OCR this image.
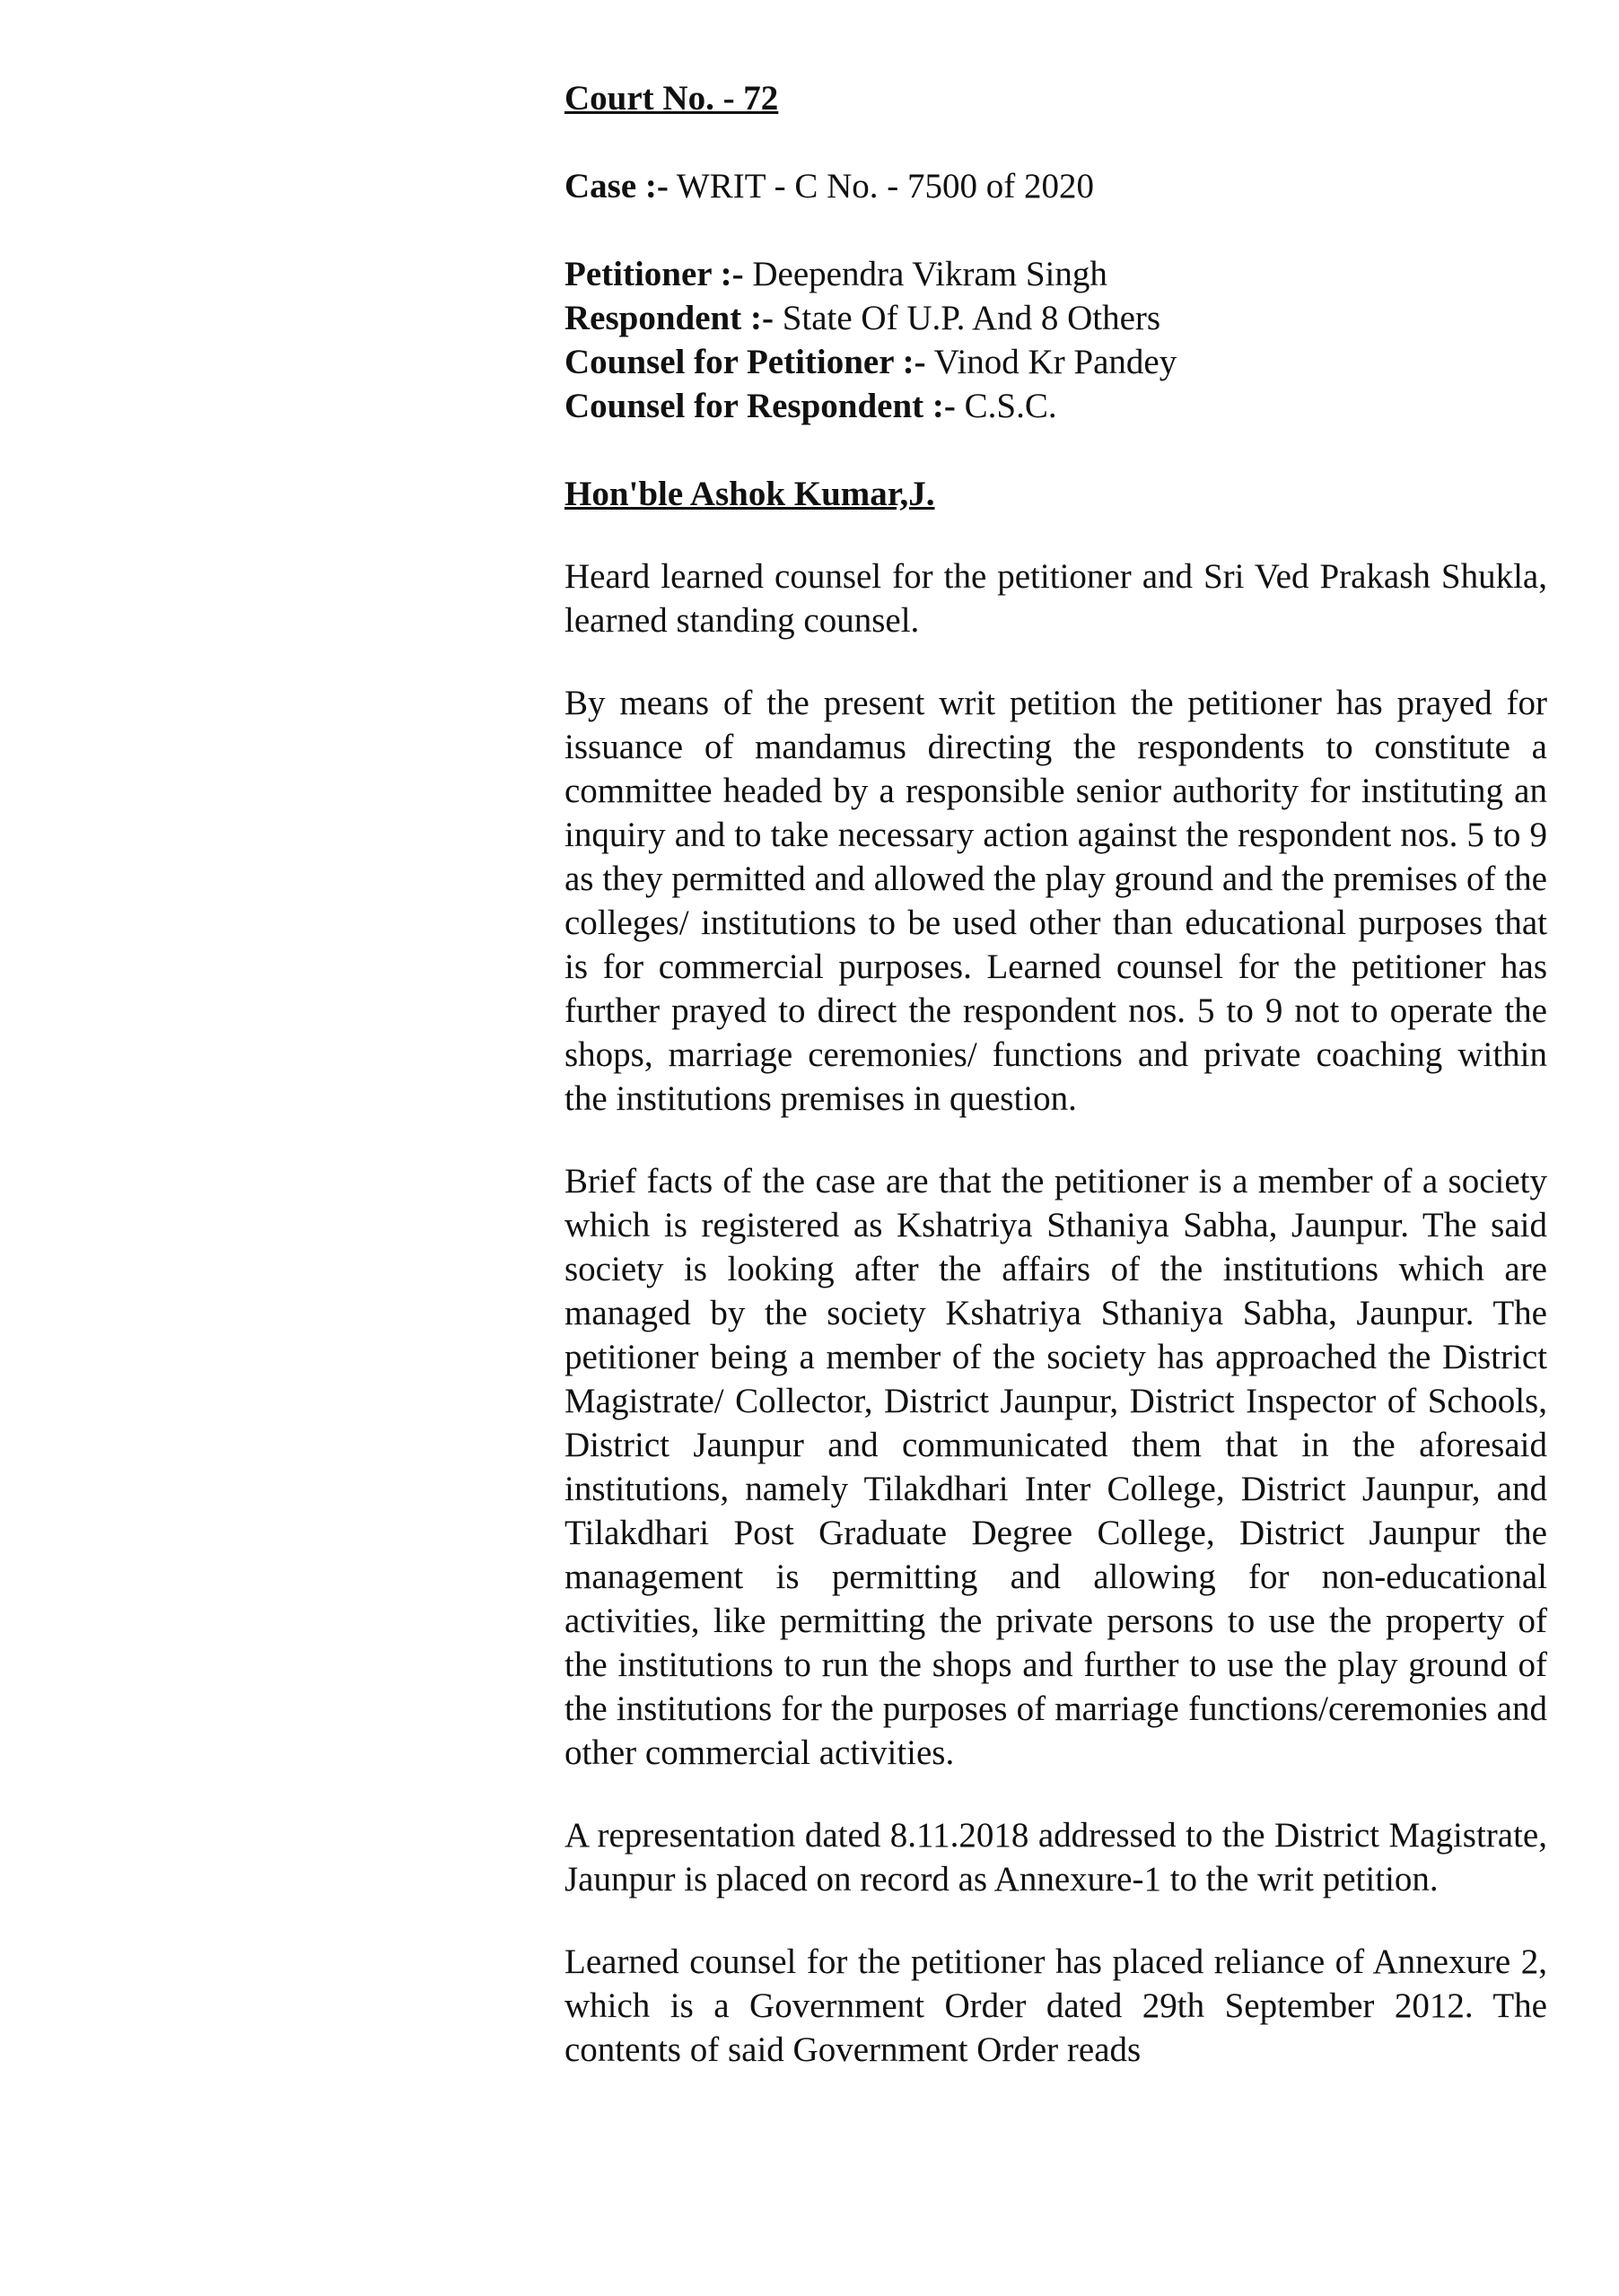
Court No. - 72
Case :- WRIT - C No. - 7500 of 2020
Petitioner :- Deependra Vikram Singh
Respondent :- State Of U.P. And 8 Others
Counsel for Petitioner :- Vinod Kr Pandey
Counsel for Respondent :- C.S.C.
Hon'ble Ashok Kumar,J.

Heard learned counsel for the petitioner and Sri Ved Prakash Shukla, learned standing counsel.

By means of the present writ petition the petitioner has prayed for issuance of mandamus directing the respondents to constitute a committee headed by a responsible senior authority for instituting an inquiry and to take necessary action against the respondent nos. 5 to 9 as they permitted and allowed the play ground and the premises of the colleges/ institutions to be used other than educational purposes that is for commercial purposes. Learned counsel for the petitioner has further prayed to direct the respondent nos. 5 to 9 not to operate the shops, marriage ceremonies/ functions and private coaching within the institutions premises in question.

Brief facts of the case are that the petitioner is a member of a society which is registered as Kshatriya Sthaniya Sabha, Jaunpur. The said society is looking after the affairs of the institutions which are managed by the society Kshatriya Sthaniya Sabha, Jaunpur. The petitioner being a member of the society has approached the District Magistrate/ Collector, District Jaunpur, District Inspector of Schools, District Jaunpur and communicated them that in the aforesaid institutions, namely Tilakdhari Inter College, District Jaunpur, and Tilakdhari Post Graduate Degree College, District Jaunpur the management is permitting and allowing for non-educational activities, like permitting the private persons to use the property of the institutions to run the shops and further to use the play ground of the institutions for the purposes of marriage functions/ceremonies and other commercial activities.

A representation dated 8.11.2018 addressed to the District Magistrate, Jaunpur is placed on record as Annexure-1 to the writ petition.

Learned counsel for the petitioner has placed reliance of Annexure 2, which is a Government Order dated 29th September 2012. The contents of said Government Order reads
